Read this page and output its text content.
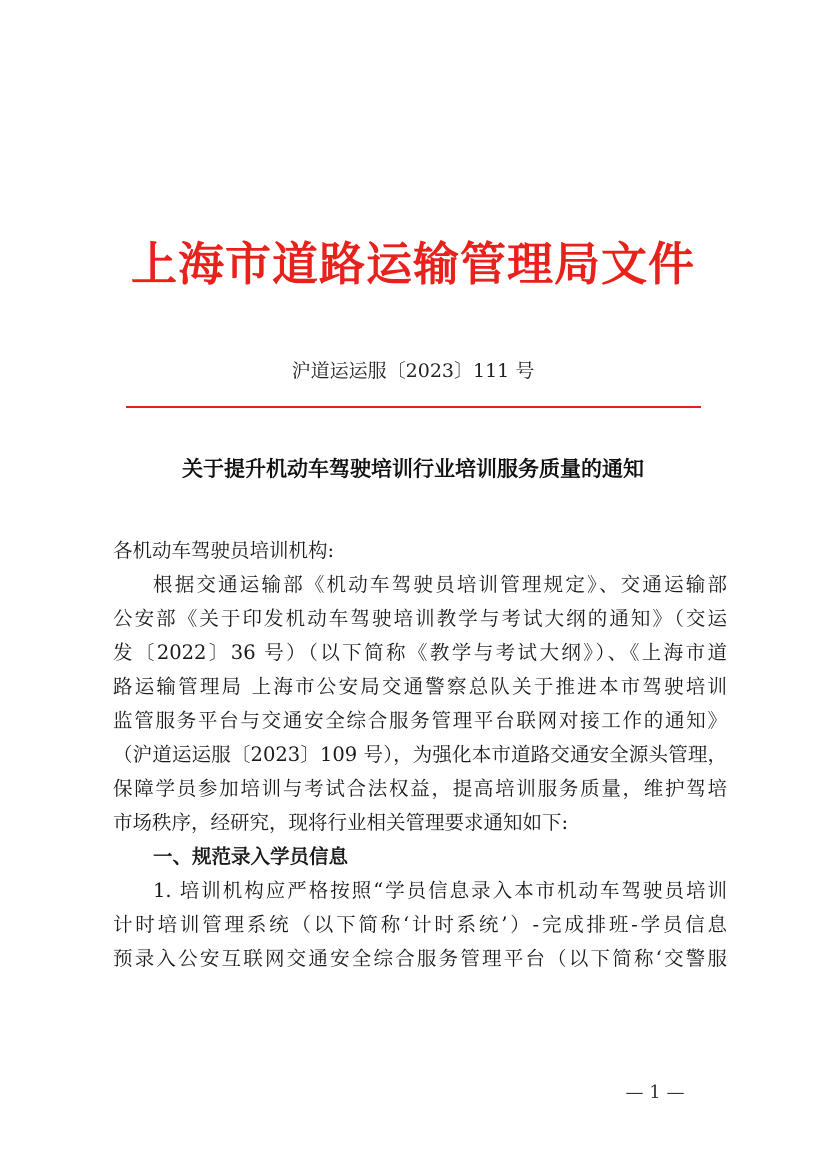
上海市道路运输管理局文件
沪道运运服〔2023〕111 号
关于提升机动车驾驶培训行业培训服务质量的通知
各机动车驾驶员培训机构:
根据交通运输部《机动车驾驶员培训管理规定》、交通运输部
公安部《关于印发机动车驾驶培训教学与考试大纲的通知》（交运
发〔2022〕36 号）（以下简称《教学与考试大纲》）、《上海市道
路运输管理局 上海市公安局交通警察总队关于推进本市驾驶培训
监管服务平台与交通安全综合服务管理平台联网对接工作的通知》
（沪道运运服〔2023〕109 号），为强化本市道路交通安全源头管理，
保障学员参加培训与考试合法权益，提高培训服务质量，维护驾培
市场秩序，经研究，现将行业相关管理要求通知如下:
一、规范录入学员信息
1. 培训机构应严格按照“学员信息录入本市机动车驾驶员培训
计时培训管理系统（以下简称‘计时系统’）-完成排班-学员信息
预录入公安互联网交通安全综合服务管理平台（以下简称‘交警服
— 1 —
